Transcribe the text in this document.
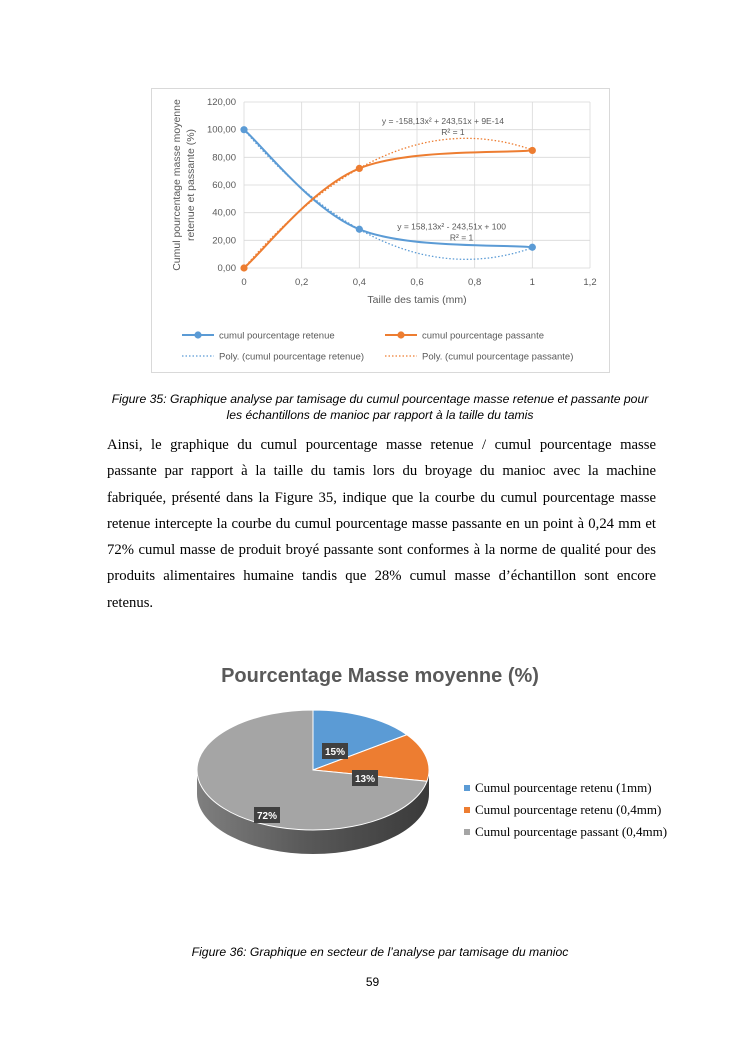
0,00
20,00
40,00
60,00
80,00
100,00
120,00
0	0,2	0,4	0,6	0,8	1	1,2
Taille des tamis (mm)
Cumul pourcentage masse moyenne retenue et passante (%)
y = -158,13x² + 243,51x + 9E-14
R² = 1
y = 158,13x² - 243,51x + 100
R² = 1
cumul pourcentage retenue	cumul pourcentage passante
Poly. (cumul pourcentage retenue)	Poly. (cumul pourcentage passante)
Figure 35: Graphique analyse par tamisage du cumul pourcentage masse retenue et passante pour
les échantillons de manioc par rapport à la taille du tamis

Ainsi, le graphique du cumul pourcentage masse retenue / cumul pourcentage masse passante par rapport à la taille du tamis lors du broyage du manioc avec la machine fabriquée, présenté dans la Figure 35, indique que la courbe du cumul pourcentage masse retenue intercepte la courbe du cumul pourcentage masse passante en un point à 0,24 mm et 72% cumul masse de produit broyé passante sont conformes à la norme de qualité pour des produits alimentaires humaine tandis que 28% cumul masse d’échantillon sont encore retenus.

Pourcentage Masse moyenne (%)
15%
13%
72%
Cumul pourcentage retenu (1mm)
Cumul pourcentage retenu (0,4mm)
Cumul pourcentage passant (0,4mm)
Figure 36: Graphique en secteur de l’analyse par tamisage du manioc
59
